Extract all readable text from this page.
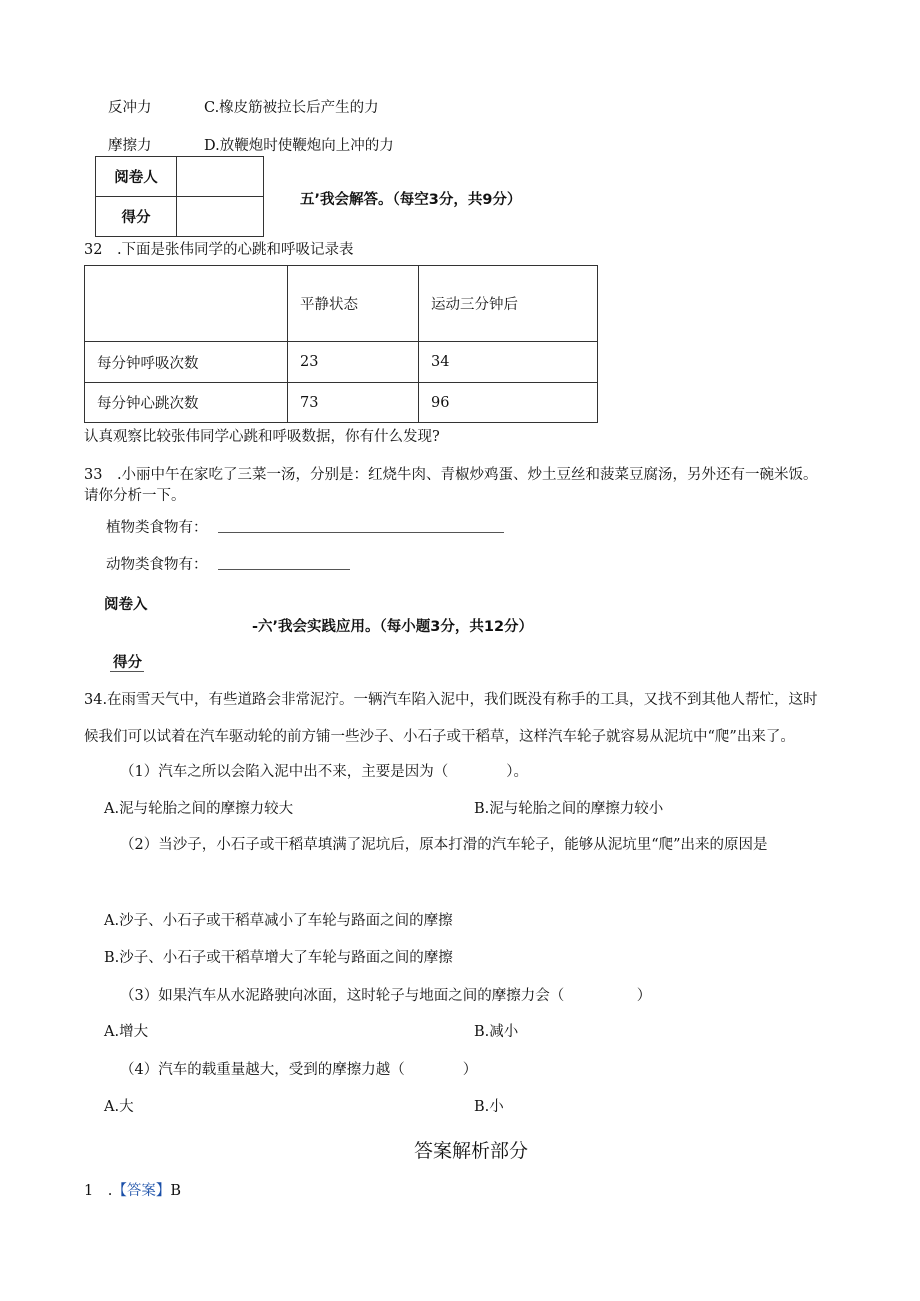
反冲力	C.橡皮筋被拉长后产生的力
摩擦力	D.放鞭炮时使鞭炮向上冲的力
阅卷人	
得分	
五’我会解答。（每空3分，共9分）
32　.下面是张伟同学的心跳和呼吸记录表
	平静状态	运动三分钟后
每分钟呼吸次数	23	34
每分钟心跳次数	73	96
认真观察比较张伟同学心跳和呼吸数据，你有什么发现?
33　.小丽中午在家吃了三菜一汤，分别是：红烧牛肉、青椒炒鸡蛋、炒土豆丝和菠菜豆腐汤，另外还有一碗米饭。
请你分析一下。
植物类食物有：
动物类食物有：
阅卷入
-六’我会实践应用。（每小题3分，共12分）
得分
34.在雨雪天气中，有些道路会非常泥泞。一辆汽车陷入泥中，我们既没有称手的工具，又找不到其他人帮忙，这时
候我们可以试着在汽车驱动轮的前方铺一些沙子、小石子或干稻草，这样汽车轮子就容易从泥坑中“爬”出来了。
（1）汽车之所以会陷入泥中出不来，主要是因为（　　　　）。
A.泥与轮胎之间的摩擦力较大	B.泥与轮胎之间的摩擦力较小
（2）当沙子，小石子或干稻草填满了泥坑后，原本打滑的汽车轮子，能够从泥坑里“爬”出来的原因是
A.沙子、小石子或干稻草减小了车轮与路面之间的摩擦
B.沙子、小石子或干稻草增大了车轮与路面之间的摩擦
（3）如果汽车从水泥路驶向冰面，这时轮子与地面之间的摩擦力会（　　　　　）
A.增大	B.减小
（4）汽车的载重量越大，受到的摩擦力越（　　　　）
A.大	B.小
答案解析部分
1　.【答案】B
